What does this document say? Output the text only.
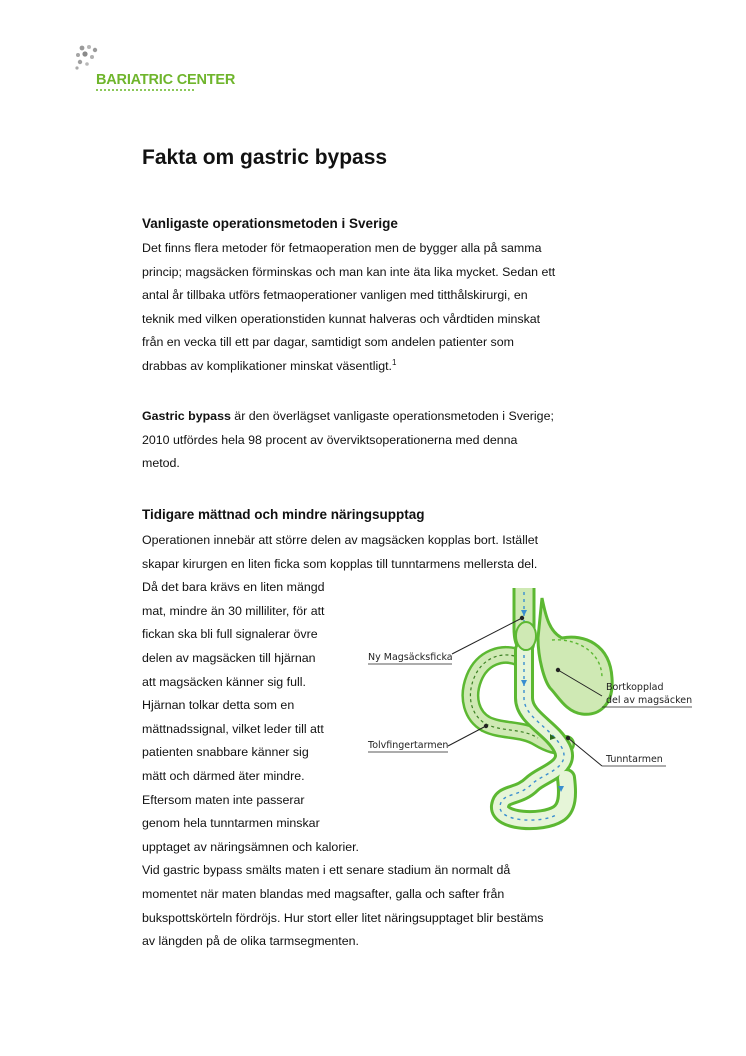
BARIATRIC CENTER
Fakta om gastric bypass
Vanligaste operationsmetoden i Sverige
Det finns flera metoder för fetmaoperation men de bygger alla på samma
princip; magsäcken förminskas och man kan inte äta lika mycket. Sedan ett
antal år tillbaka utförs fetmaoperationer vanligen med titthålskirurgi, en
teknik med vilken operationstiden kunnat halveras och vårdtiden minskat
från en vecka till ett par dagar, samtidigt som andelen patienter som
drabbas av komplikationer minskat väsentligt.$^1$
Gastric bypass är den överlägset vanligaste operationsmetoden i Sverige;
2010 utfördes hela 98 procent av överviktsoperationerna med denna
metod.
Tidigare mättnad och mindre näringsupptag
Operationen innebär att större delen av magsäcken kopplas bort. Istället
skapar kirurgen en liten ficka som kopplas till tunntarmens mellersta del.
Då det bara krävs en liten mängd
mat, mindre än 30 milliliter, för att
fickan ska bli full signalerar övre
delen av magsäcken till hjärnan
att magsäcken känner sig full.
Hjärnan tolkar detta som en
mättnadssignal, vilket leder till att
patienten snabbare känner sig
mätt och därmed äter mindre.
Eftersom maten inte passerar
genom hela tunntarmen minskar
upptaget av näringsämnen och kalorier.
Vid gastric bypass smälts maten i ett senare stadium än normalt då
momentet när maten blandas med magsafter, galla och safter från
bukspottskörteln fördröjs. Hur stort eller litet näringsupptaget blir bestäms
av längden på de olika tarmsegmenten.
Ny Magsäcksficka
Bortkopplad
del av magsäcken
Tolvfingertarmen
Tunntarmen
